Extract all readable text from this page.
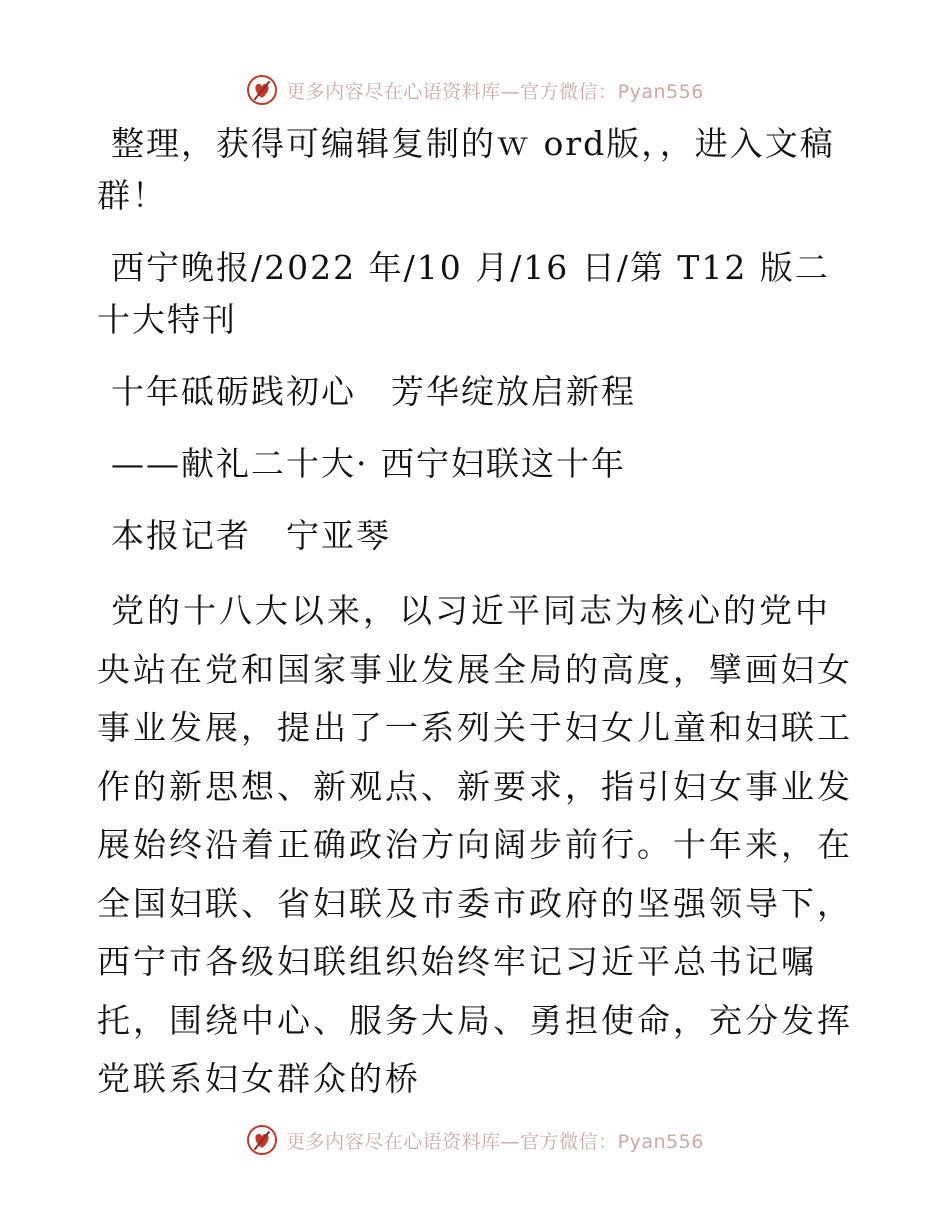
更多内容尽在心语资料库—官方微信：Pyan556

整理，获得可编辑复制的ｗ ord版，，进入文稿群！

西宁晚报/2022 年/10 月/16 日/第 T12 版二十大特刊

十年砥砺践初心　芳华绽放启新程

——献礼二十大· 西宁妇联这十年

本报记者　宁亚琴

党的十八大以来，以习近平同志为核心的党中央站在党和国家事业发展全局的高度，擘画妇女事业发展，提出了一系列关于妇女儿童和妇联工作的新思想、新观点、新要求，指引妇女事业发展始终沿着正确政治方向阔步前行。十年来，在全国妇联、省妇联及市委市政府的坚强领导下，西宁市各级妇联组织始终牢记习近平总书记嘱托，围绕中心、服务大局、勇担使命，充分发挥党联系妇女群众的桥

更多内容尽在心语资料库—官方微信：Pyan556
